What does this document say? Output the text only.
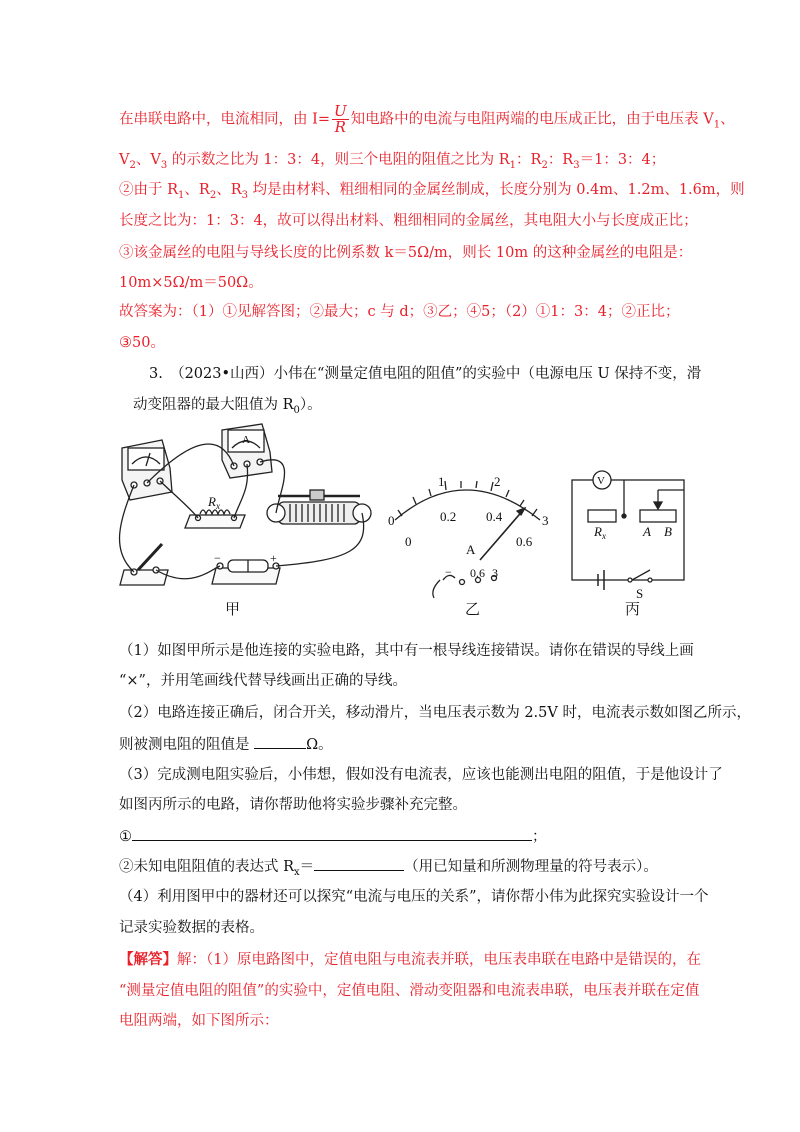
在串联电路中，电流相同，由 $I= \frac{U}{R}$ 知电路中的电流与电阻两端的电压成正比，由于电压表 $V_1$、
$V_2$、$V_3$ 的示数之比为 1：3：4，则三个电阻的阻值之比为 $R_1$：$R_2$：$R_3=1$：3：4；
②由于 $R_1$、$R_2$、$R_3$ 均是由材料、粗细相同的金属丝制成，长度分别为 0.4m、1.2m、1.6m，则
长度之比为：1：3：4，故可以得出材料、粗细相同的金属丝，其电阻大小与长度成正比；
③该金属丝的电阻与导线长度的比例系数 k＝5Ω/m，则长 10m 的这种金属丝的电阻是：
10m×5Ω/m＝50Ω。
故答案为：（1）①见解答图；②最大；c 与 d；③乙；④5；（2）①1：3：4；②正比；
③50。
3.　（2023•山西）小伟在“测量定值电阻的阻值”的实验中（电源电压 U 保持不变，滑
动变阻器的最大阻值为 $R_0$）。
$R_x$
A
−	+
0
1	2
3
0
0.2 0.4
0.6
A
− 0.6 3
V
$R_x$	A B
S
甲	乙	丙
（1）如图甲所示是他连接的实验电路，其中有一根导线连接错误。请你在错误的导线上画
“×”，并用笔画线代替导线画出正确的导线。
（2）电路连接正确后，闭合开关，移动滑片，当电压表示数为 2.5V 时，电流表示数如图乙所示，
则被测电阻的阻值是	Ω。
（3）完成测电阻实验后，小伟想，假如没有电流表，应该也能测出电阻的阻值，于是他设计了
如图丙所示的电路，请你帮助他将实验步骤补充完整。
①	；
②未知电阻阻值的表达式 $R_x=$	（用已知量和所测物理量的符号表示）。
（4）利用图甲中的器材还可以探究“电流与电压的关系”，请你帮小伟为此探究实验设计一个
记录实验数据的表格。
【解答】解：（1）原电路图中，定值电阻与电流表并联，电压表串联在电路中是错误的，在
“测量定值电阻的阻值”的实验中，定值电阻、滑动变阻器和电流表串联，电压表并联在定值
电阻两端，如下图所示：
